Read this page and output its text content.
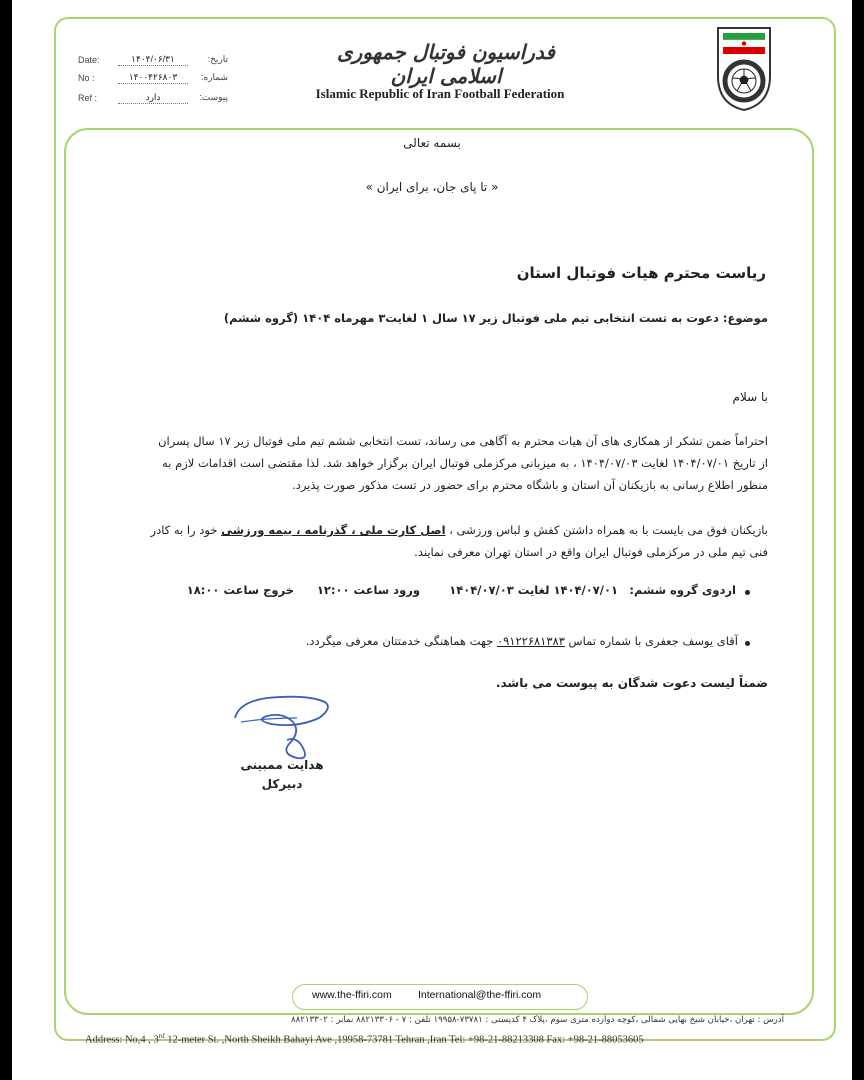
فدراسیون فوتبال جمهوری اسلامی ایران
Islamic Republic of Iran Football Federation
Date:	۱۴۰۴/۰۶/۳۱	تاریخ:
No :	۱۴۰۰۴۲۶۸۰۳	شماره:
Ref :	دارد	پیوست:
بسمه تعالی
« تا پای جان، برای ایران »
ریاست محترم هیات فوتبال استان
موضوع: دعوت به تست انتخابی تیم ملی فوتبال زیر ۱۷ سال ۱ لغایت۳ مهرماه ۱۴۰۴ (گروه ششم)
با سلام
احتراماً ضمن تشکر از همکاری های آن هیات محترم به آگاهی می رساند، تست انتخابی ششم تیم ملی فوتبال زیر ۱۷ سال پسران
از تاریخ ۱۴۰۴/۰۷/۰۱ لغایت ۱۴۰۴/۰۷/۰۳ ، به میزبانی مرکزملی فوتبال ایران برگزار خواهد شد. لذا مقتضی است اقدامات لازم به
منظور اطلاع رسانی به بازیکنان آن استان و باشگاه محترم برای حضور در تست مذکور صورت پذیرد.
بازیکنان فوق می بایست با به همراه داشتن کفش و لباس ورزشی ، اصل کارت ملی ، گذرنامه ، بیمه ورزشی خود را به کادر
فنی تیم ملی در مرکزملی فوتبال ایران واقع در استان تهران معرفی نمایند.
اردوی گروه ششم:
۱۴۰۴/۰۷/۰۱ لغایت ۱۴۰۴/۰۷/۰۳
ورود ساعت ۱۲:۰۰
خروج ساعت ۱۸:۰۰
آقای یوسف جعفری با شماره تماس ۰۹۱۲۲۶۸۱۳۸۳ جهت هماهنگی خدمتتان معرفی میگردد.
ضمناً لیست دعوت شدگان به پیوست می باشد.
هدایت ممبینی
دبیرکل
www.the-ffiri.com	International@the-ffiri.com
آدرس : تهران ،خیابان شیخ بهایی شمالی ،کوچه دوازده متری سوم ،پلاک ۴ کدپستی : ۷۳۷۸۱-۱۹۹۵۸ تلفن : ۷ - ۸۸۲۱۳۳۰۶ نمابر : ۸۸۲۱۳۳۰۲
Address: No,4 , 3rd 12-meter St. ,North Sheikh Bahayi Ave ,19958-73781 Tehran ,Iran Tel: +98-21-88213308 Fax: +98-21-88053605
